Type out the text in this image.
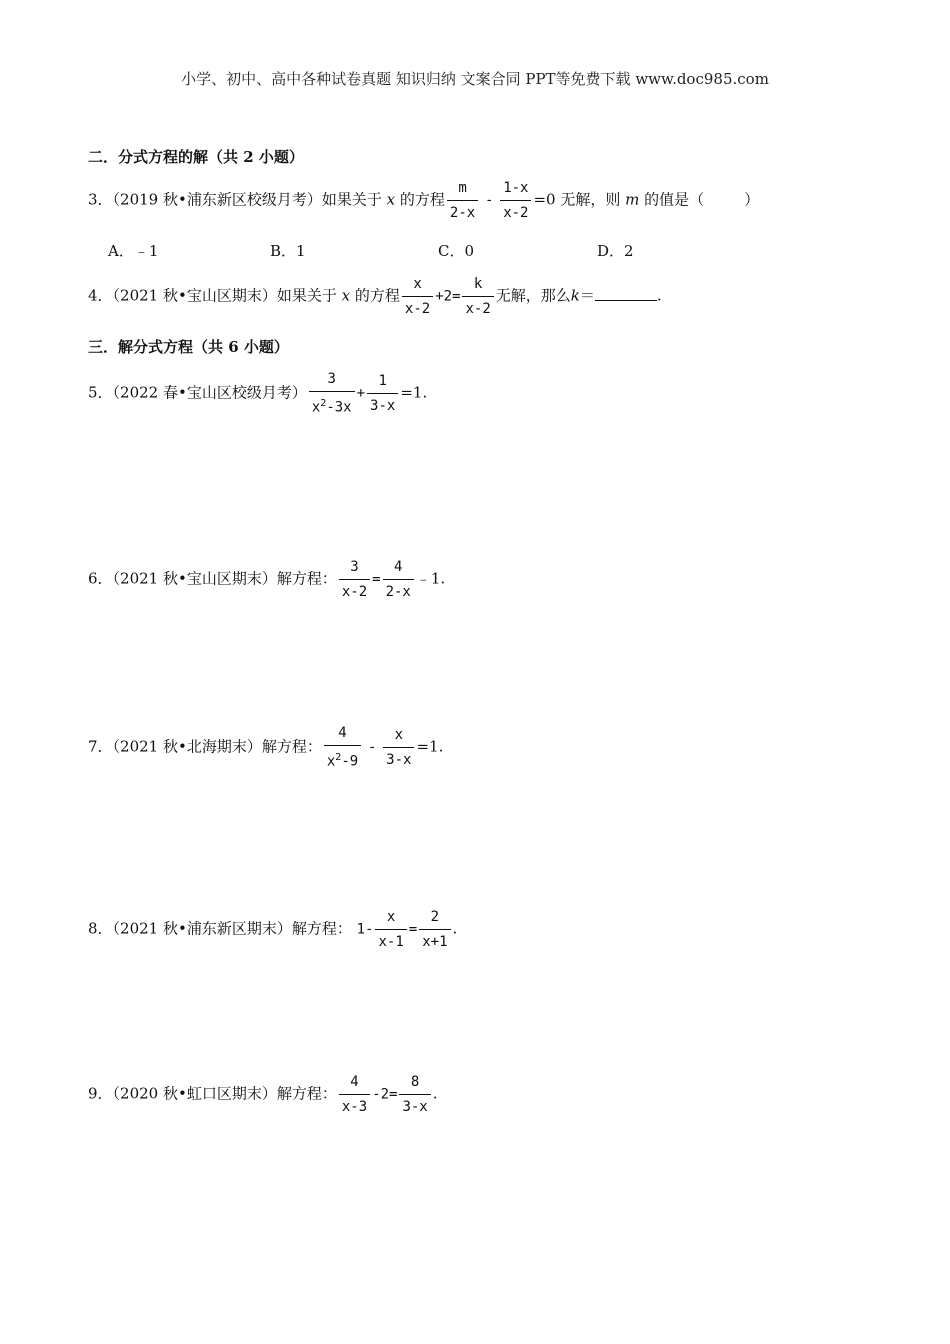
小学、初中、高中各种试卷真题 知识归纳 文案合同 PPT等免费下载 www.doc985.com
二．分式方程的解（共 2 小题）
3．（2019 秋•浦东新区校级月考）如果关于 x 的方程 $\frac{m}{2-x} - \frac{1-x}{x-2} =0$ 无解，则 m 的值是（	）
A．﹣1	B．1	C．0	D．2
4．（2021 秋•宝山区期末）如果关于 x 的方程 $\frac{x}{x-2} +2= \frac{k}{x-2}$ 无解，那么k＝	.
三．解分式方程（共 6 小题）
5．（2022 春•宝山区校级月考） $\frac{3}{x^2-3x} + \frac{1}{3-x} =1$.
6．（2021 秋•宝山区期末）解方程： $\frac{3}{x-2} = \frac{4}{2-x}$ ﹣1.
7．（2021 秋•北海期末）解方程： $\frac{4}{x^2-9} - \frac{x}{3-x} =1$.
8．（2021 秋•浦东新区期末）解方程： $1- \frac{x}{x-1} = \frac{2}{x+1}$ .
9．（2020 秋•虹口区期末）解方程： $\frac{4}{x-3} -2= \frac{8}{3-x}$ .
